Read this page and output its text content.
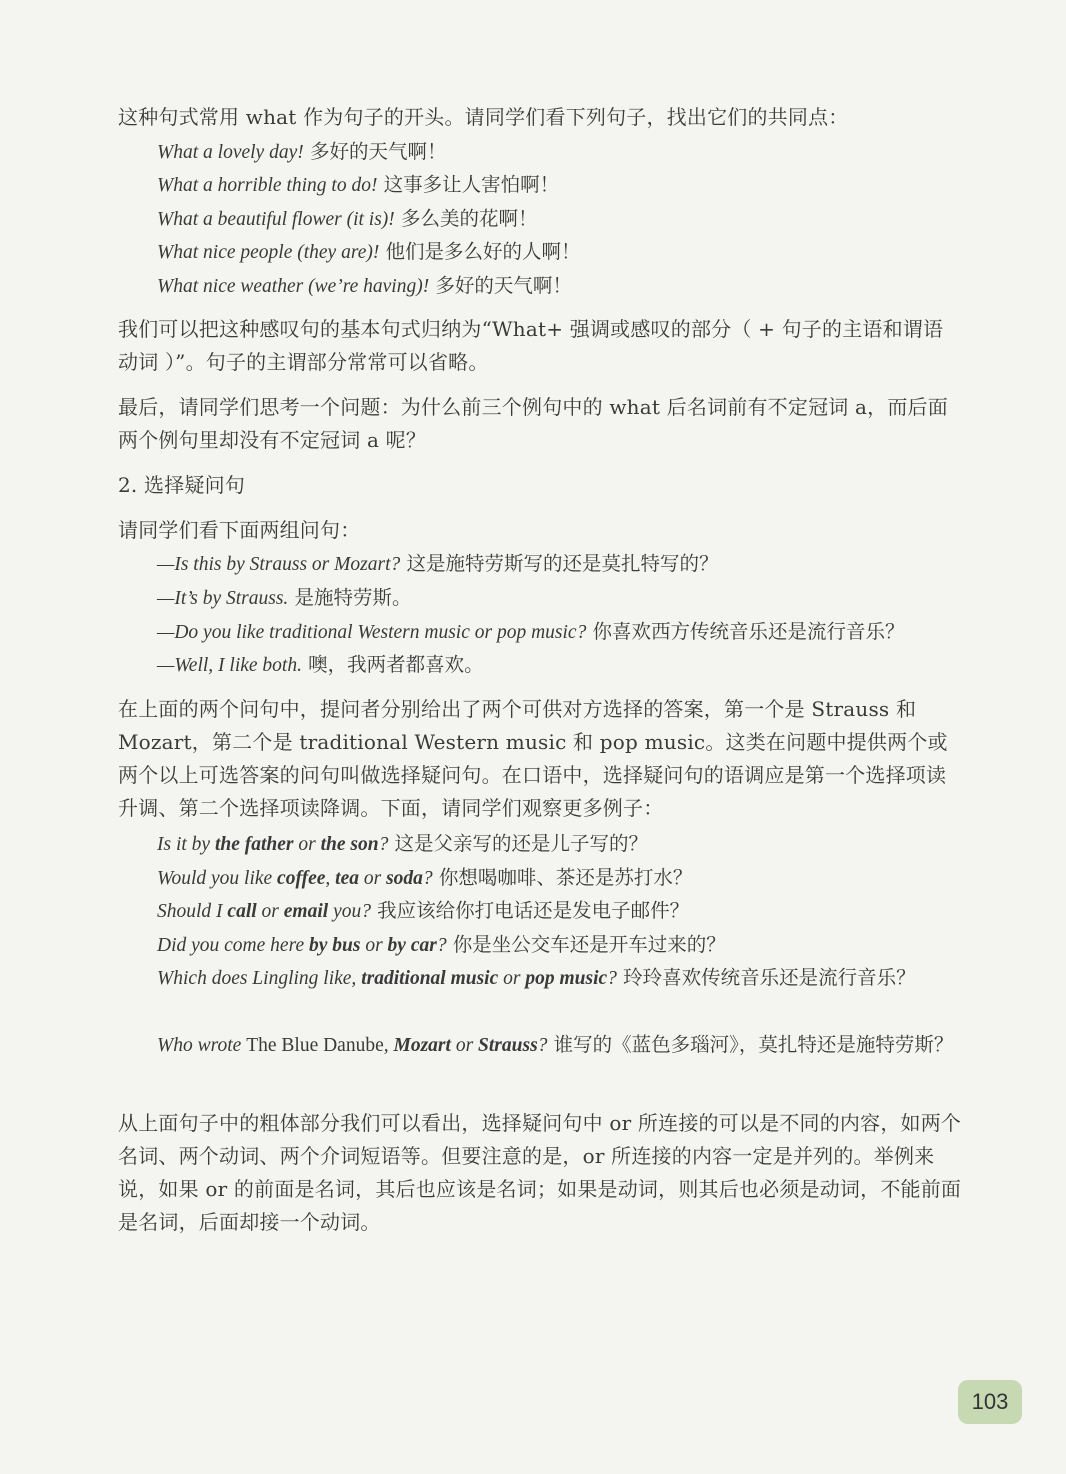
这种句式常用 what 作为句子的开头。请同学们看下列句子，找出它们的共同点：
What a lovely day! 多好的天气啊！
What a horrible thing to do! 这事多让人害怕啊！
What a beautiful flower (it is)! 多么美的花啊！
What nice people (they are)! 他们是多么好的人啊！
What nice weather (we’re having)! 多好的天气啊！
我们可以把这种感叹句的基本句式归纳为“What+ 强调或感叹的部分（ + 句子的主语和谓语动词 ）”。句子的主谓部分常常可以省略。
最后，请同学们思考一个问题：为什么前三个例句中的 what 后名词前有不定冠词 a，而后面两个例句里却没有不定冠词 a 呢？
2. 选择疑问句
请同学们看下面两组问句：
—Is this by Strauss or Mozart? 这是施特劳斯写的还是莫扎特写的？
—It’s by Strauss. 是施特劳斯。
—Do you like traditional Western music or pop music? 你喜欢西方传统音乐还是流行音乐？
—Well, I like both. 噢，我两者都喜欢。
在上面的两个问句中，提问者分别给出了两个可供对方选择的答案，第一个是 Strauss 和 Mozart，第二个是 traditional Western music 和 pop music。这类在问题中提供两个或两个以上可选答案的问句叫做选择疑问句。在口语中，选择疑问句的语调应是第一个选择项读升调、第二个选择项读降调。下面，请同学们观察更多例子：
Is it by the father or the son? 这是父亲写的还是儿子写的？
Would you like coffee, tea or soda? 你想喝咖啡、茶还是苏打水？
Should I call or email you? 我应该给你打电话还是发电子邮件？
Did you come here by bus or by car? 你是坐公交车还是开车过来的？
Which does Lingling like, traditional music or pop music? 玲玲喜欢传统音乐还是流行音乐？
Who wrote The Blue Danube, Mozart or Strauss? 谁写的《蓝色多瑙河》，莫扎特还是施特劳斯？
从上面句子中的粗体部分我们可以看出，选择疑问句中 or 所连接的可以是不同的内容，如两个名词、两个动词、两个介词短语等。但要注意的是，or 所连接的内容一定是并列的。举例来说，如果 or 的前面是名词，其后也应该是名词；如果是动词，则其后也必须是动词，不能前面是名词，后面却接一个动词。
103
